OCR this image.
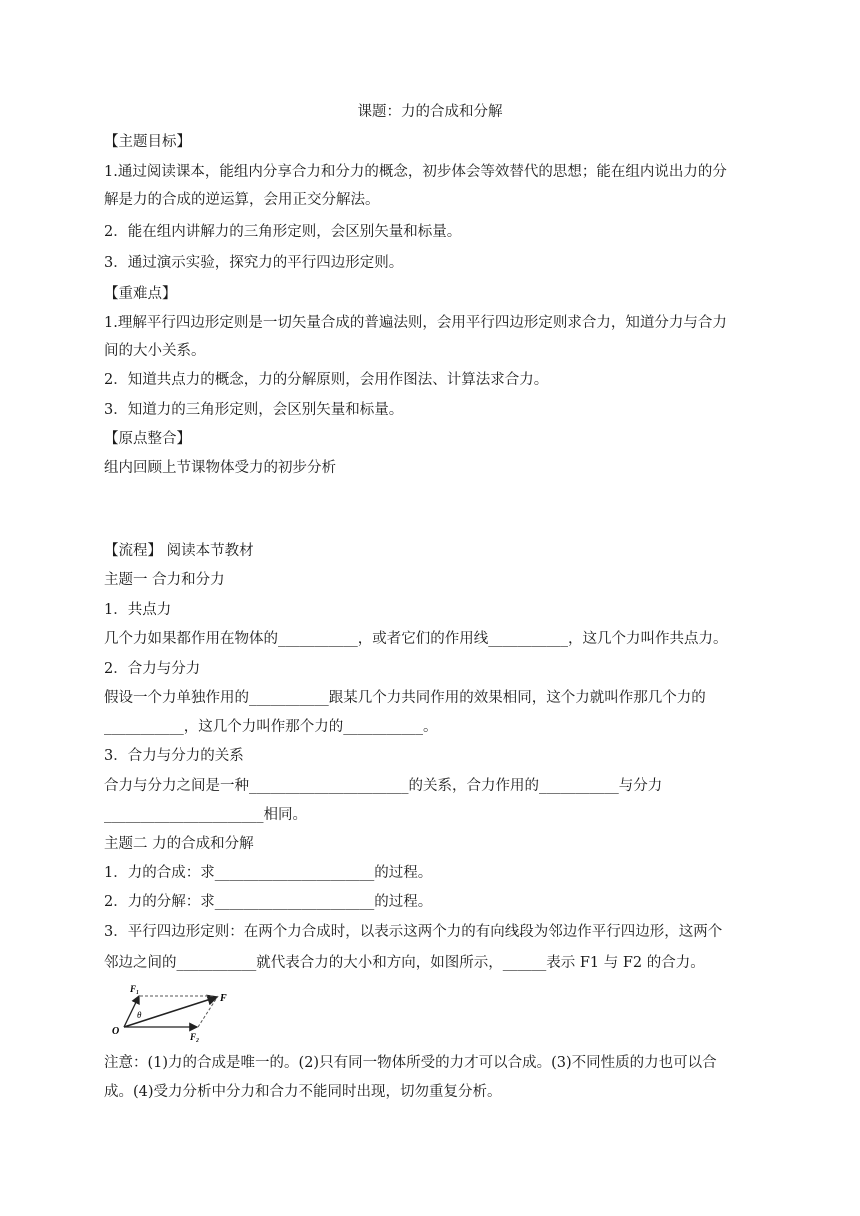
课题：力的合成和分解
【主题目标】
1.通过阅读课本，能组内分享合力和分力的概念，初步体会等效替代的思想；能在组内说出力的分
解是力的合成的逆运算，会用正交分解法。
2．能在组内讲解力的三角形定则，会区别矢量和标量。
3．通过演示实验，探究力的平行四边形定则。
【重难点】
1.理解平行四边形定则是一切矢量合成的普遍法则，会用平行四边形定则求合力，知道分力与合力
间的大小关系。
2．知道共点力的概念，力的分解原则，会用作图法、计算法求合力。
3．知道力的三角形定则，会区别矢量和标量。
【原点整合】
组内回顾上节课物体受力的初步分析
【流程】 阅读本节教材
主题一 合力和分力
1．共点力
几个力如果都作用在物体的___________，或者它们的作用线___________，这几个力叫作共点力。
2．合力与分力
假设一个力单独作用的___________跟某几个力共同作用的效果相同，这个力就叫作那几个力的
___________，这几个力叫作那个力的___________。
3．合力与分力的关系
合力与分力之间是一种______________________的关系，合力作用的___________与分力
______________________相同。
主题二 力的合成和分解
1．力的合成：求______________________的过程。
2．力的分解：求______________________的过程。
3．平行四边形定则：在两个力合成时，以表示这两个力的有向线段为邻边作平行四边形，这两个
邻边之间的___________就代表合力的大小和方向，如图所示，______表示 F1 与 F2 的合力。
F₁
F
F₂
O
θ
注意：(1)力的合成是唯一的。(2)只有同一物体所受的力才可以合成。(3)不同性质的力也可以合
成。(4)受力分析中分力和合力不能同时出现，切勿重复分析。
